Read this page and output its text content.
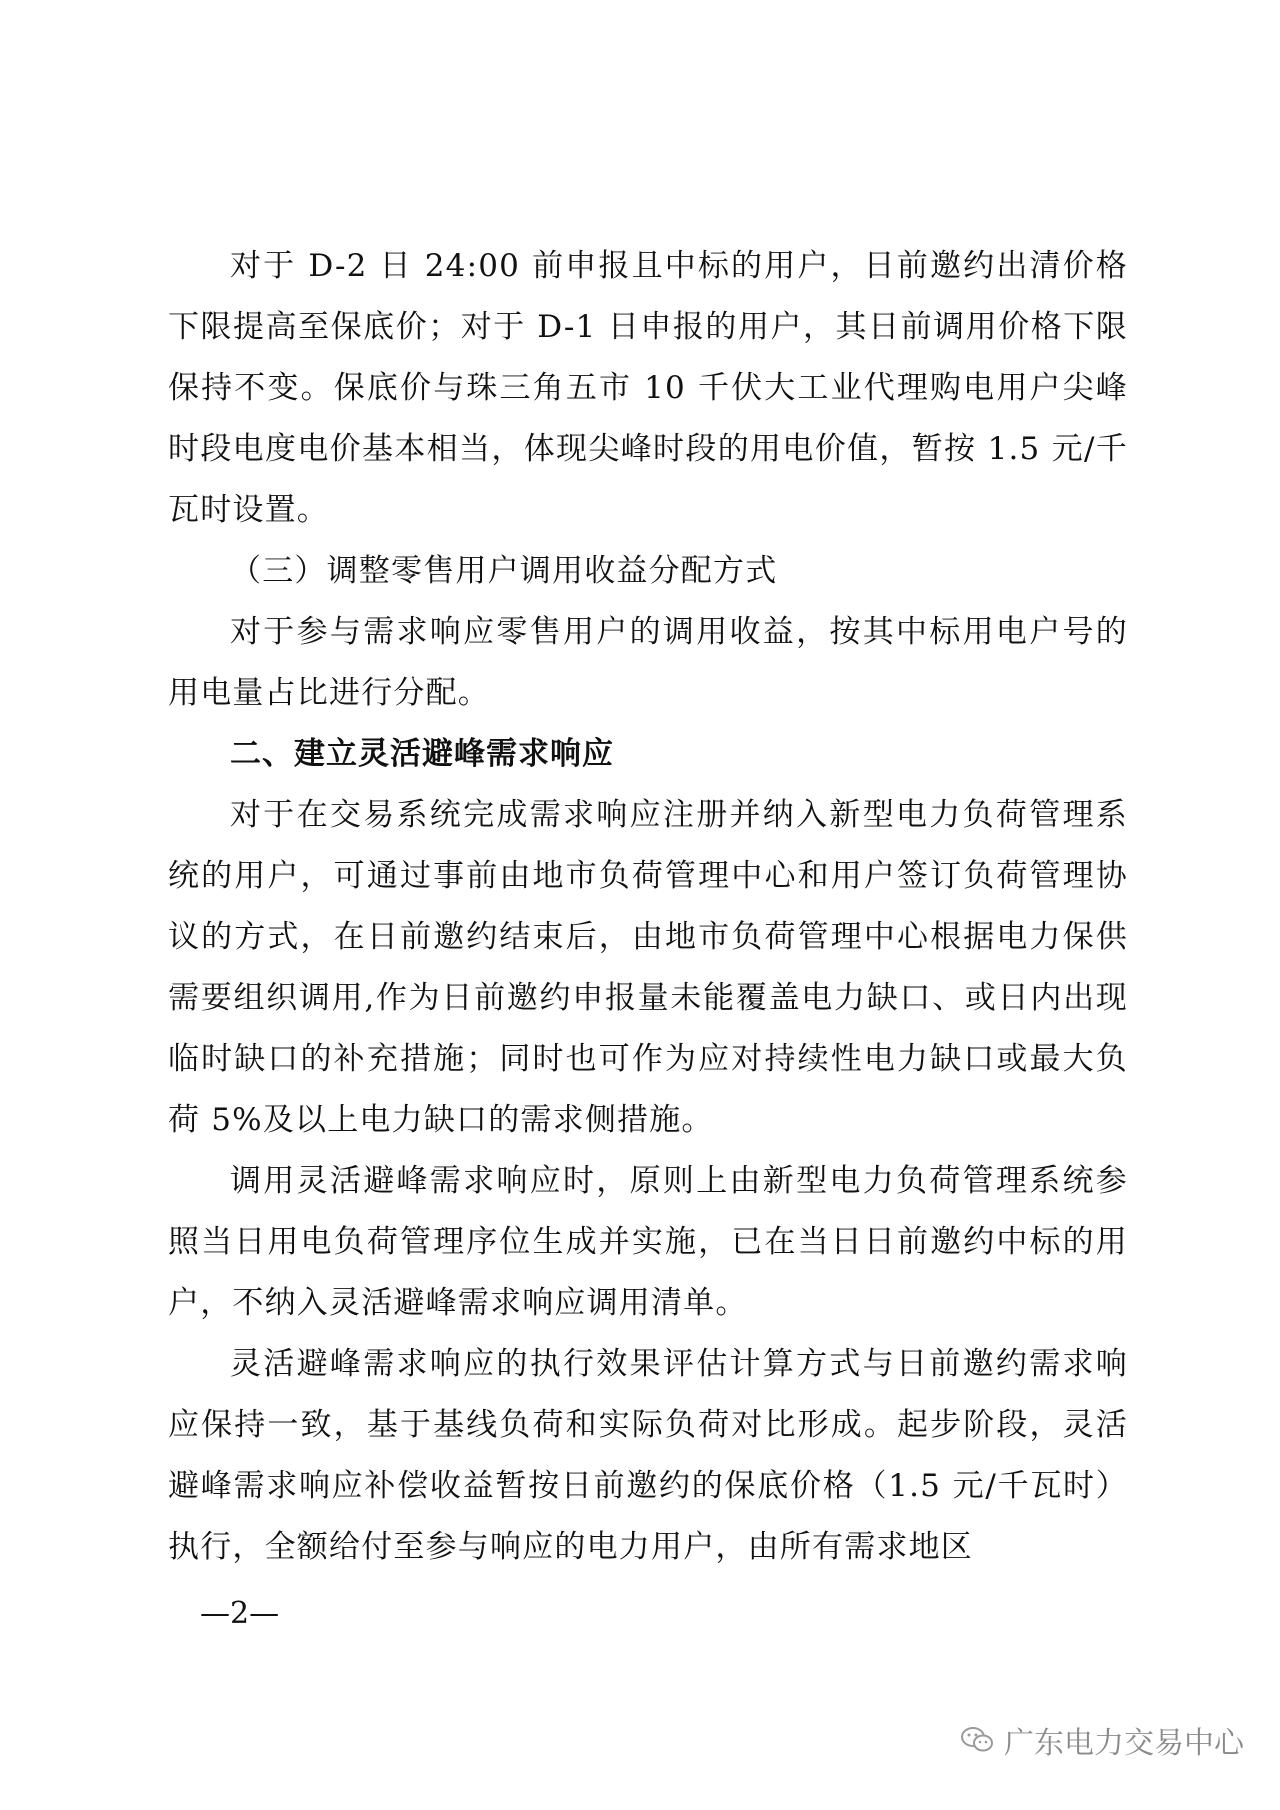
对于 D-2 日 24:00 前申报且中标的用户，日前邀约出清价格下限提高至保底价；对于 D-1 日申报的用户，其日前调用价格下限保持不变。保底价与珠三角五市 10 千伏大工业代理购电用户尖峰时段电度电价基本相当，体现尖峰时段的用电价值，暂按 1.5 元/千瓦时设置。

（三）调整零售用户调用收益分配方式

对于参与需求响应零售用户的调用收益，按其中标用电户号的用电量占比进行分配。

二、建立灵活避峰需求响应

对于在交易系统完成需求响应注册并纳入新型电力负荷管理系统的用户，可通过事前由地市负荷管理中心和用户签订负荷管理协议的方式，在日前邀约结束后，由地市负荷管理中心根据电力保供需要组织调用,作为日前邀约申报量未能覆盖电力缺口、或日内出现临时缺口的补充措施；同时也可作为应对持续性电力缺口或最大负荷 5%及以上电力缺口的需求侧措施。

调用灵活避峰需求响应时，原则上由新型电力负荷管理系统参照当日用电负荷管理序位生成并实施，已在当日日前邀约中标的用户，不纳入灵活避峰需求响应调用清单。

灵活避峰需求响应的执行效果评估计算方式与日前邀约需求响应保持一致，基于基线负荷和实际负荷对比形成。起步阶段，灵活避峰需求响应补偿收益暂按日前邀约的保底价格（1.5 元/千瓦时）执行，全额给付至参与响应的电力用户，由所有需求地区

—2—
广东电力交易中心
